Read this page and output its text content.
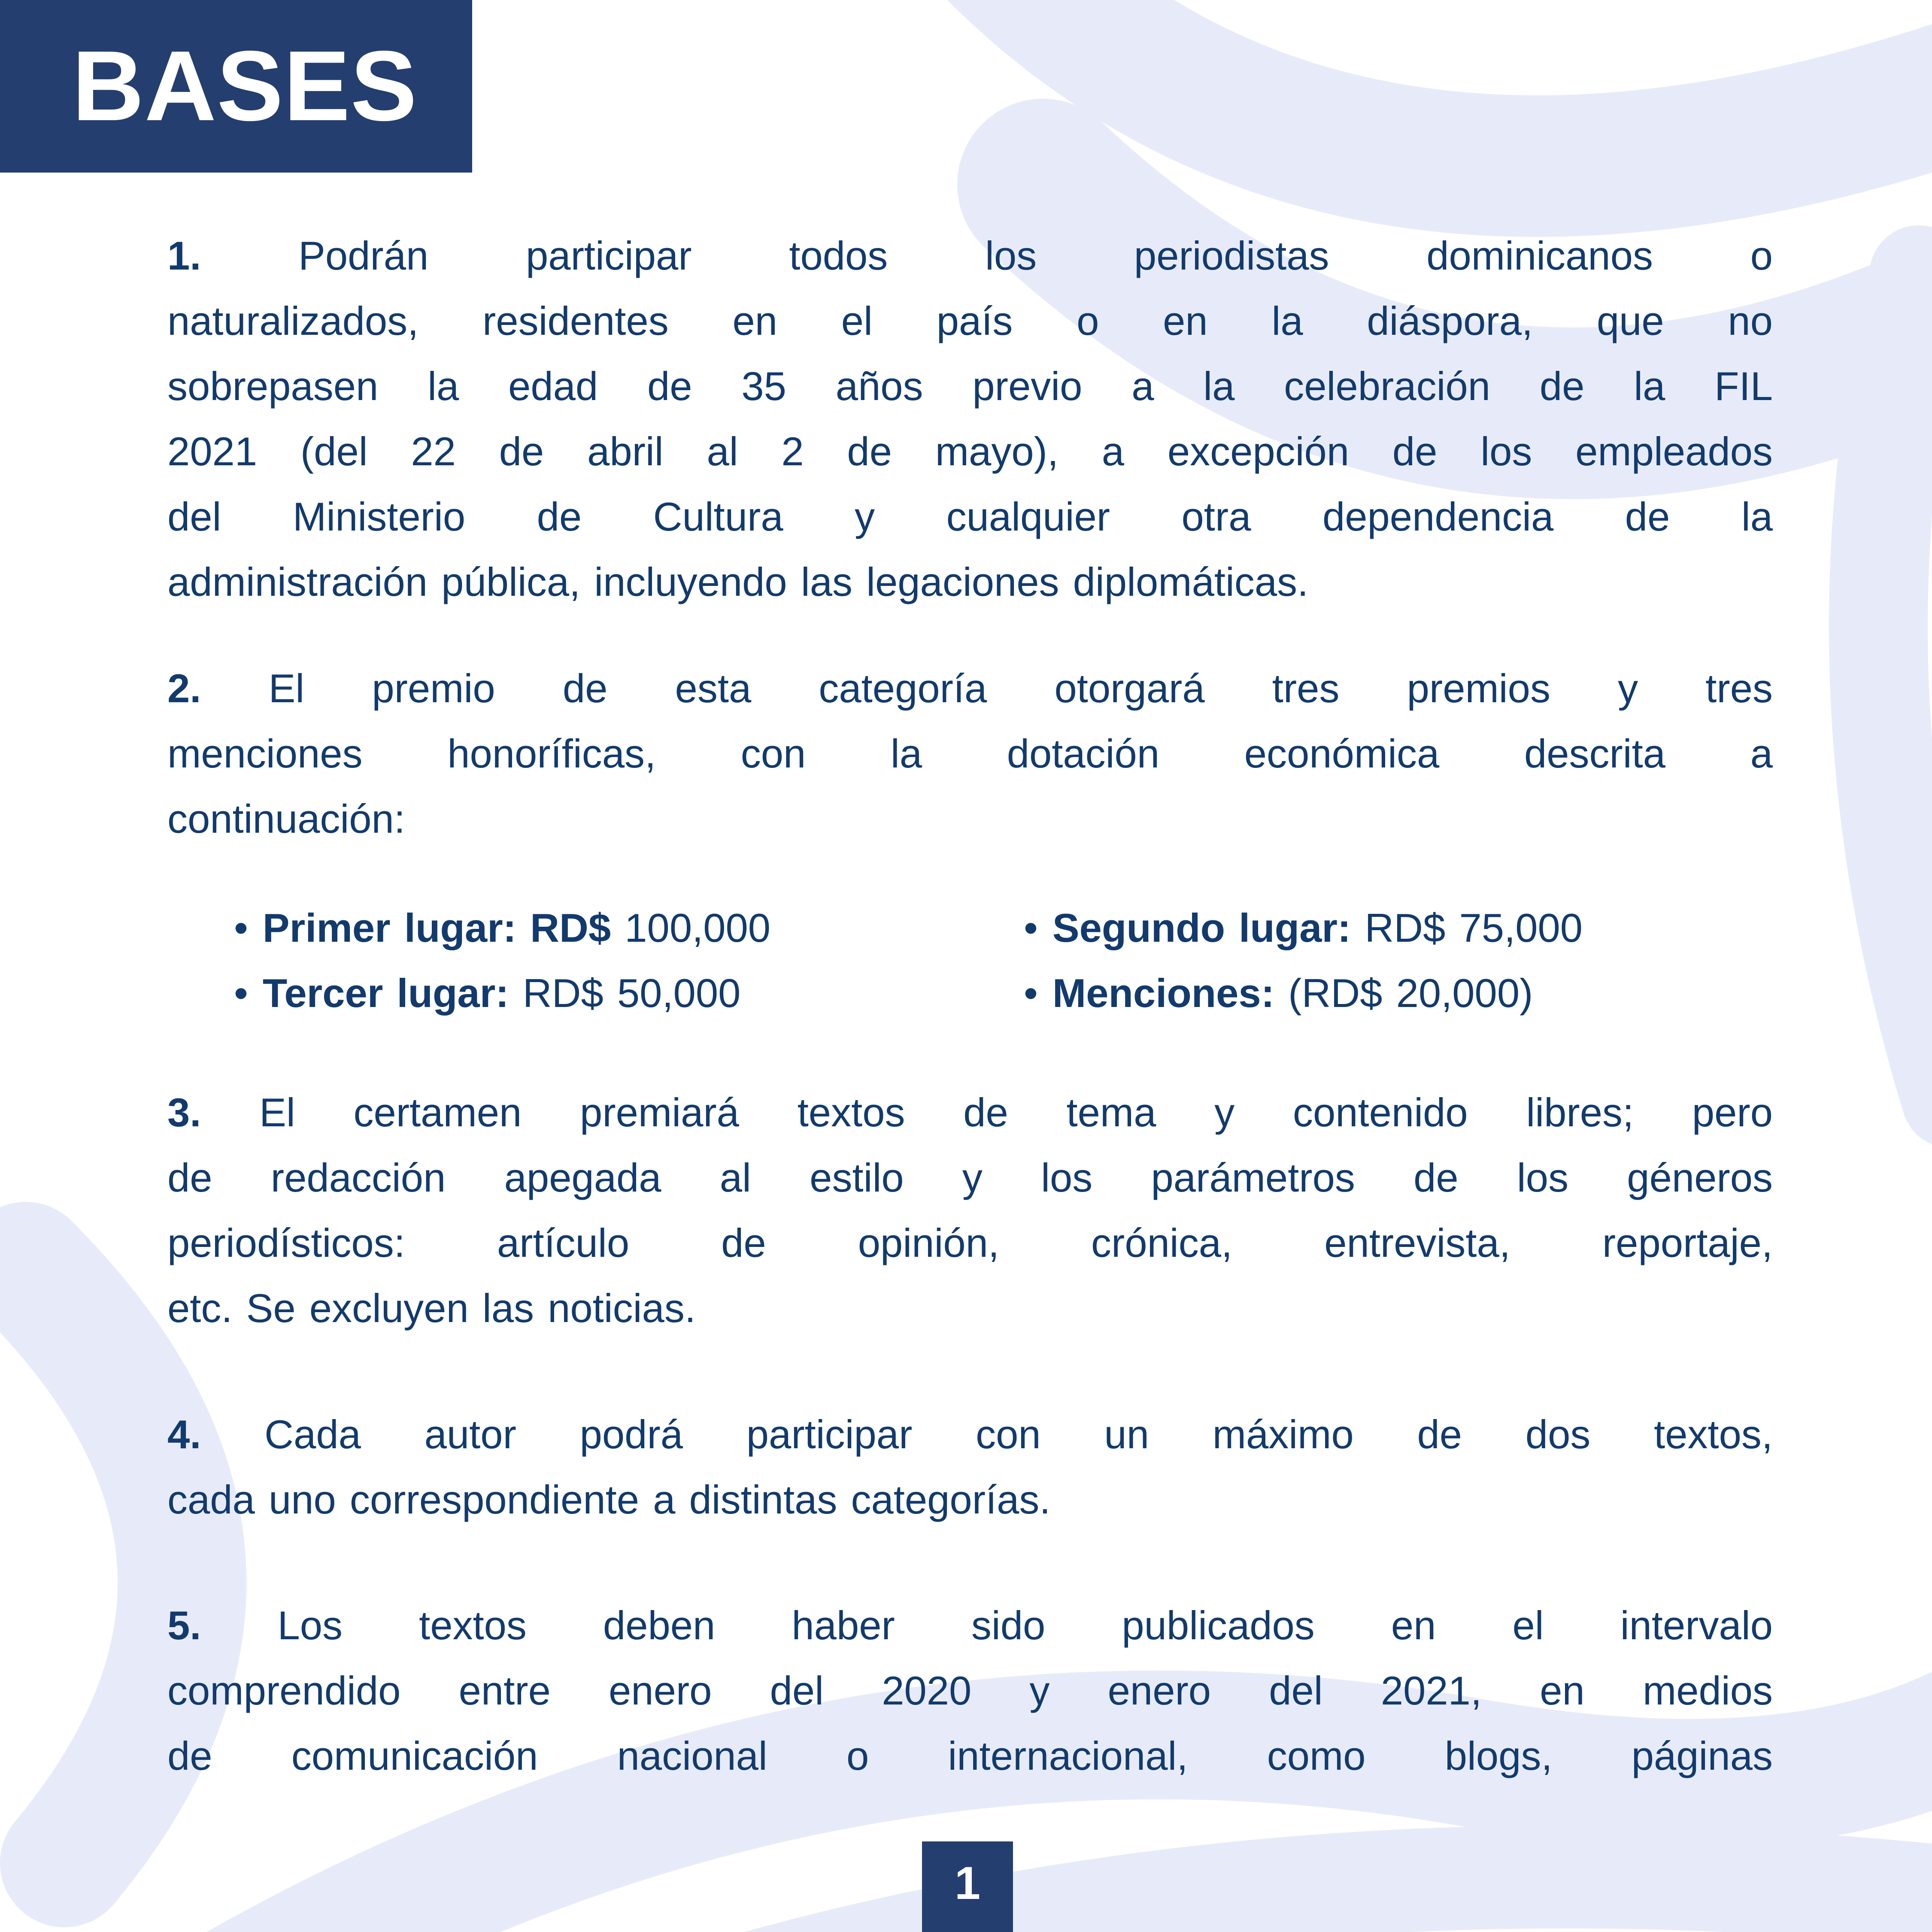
BASES
1. Podrán participar todos los periodistas dominicanos o
naturalizados, residentes en el país o en la diáspora, que no
sobrepasen la edad de 35 años previo a la celebración de la FIL
2021 (del 22 de abril al 2 de mayo), a excepción de los empleados
del Ministerio de Cultura y cualquier otra dependencia de la
administración pública, incluyendo las legaciones diplomáticas.
2. El premio de esta categoría otorgará tres premios y tres
menciones honoríficas, con la dotación económica descrita a
continuación:
• Primer lugar: RD$ 100,000	• Segundo lugar: RD$ 75,000
• Tercer lugar: RD$ 50,000	• Menciones: (RD$ 20,000)
3. El certamen premiará textos de tema y contenido libres; pero
de redacción apegada al estilo y los parámetros de los géneros
periodísticos: artículo de opinión, crónica, entrevista, reportaje,
etc. Se excluyen las noticias.
4. Cada autor podrá participar con un máximo de dos textos,
cada uno correspondiente a distintas categorías.
5. Los textos deben haber sido publicados en el intervalo
comprendido entre enero del 2020 y enero del 2021, en medios
de comunicación nacional o internacional, como blogs, páginas
1
